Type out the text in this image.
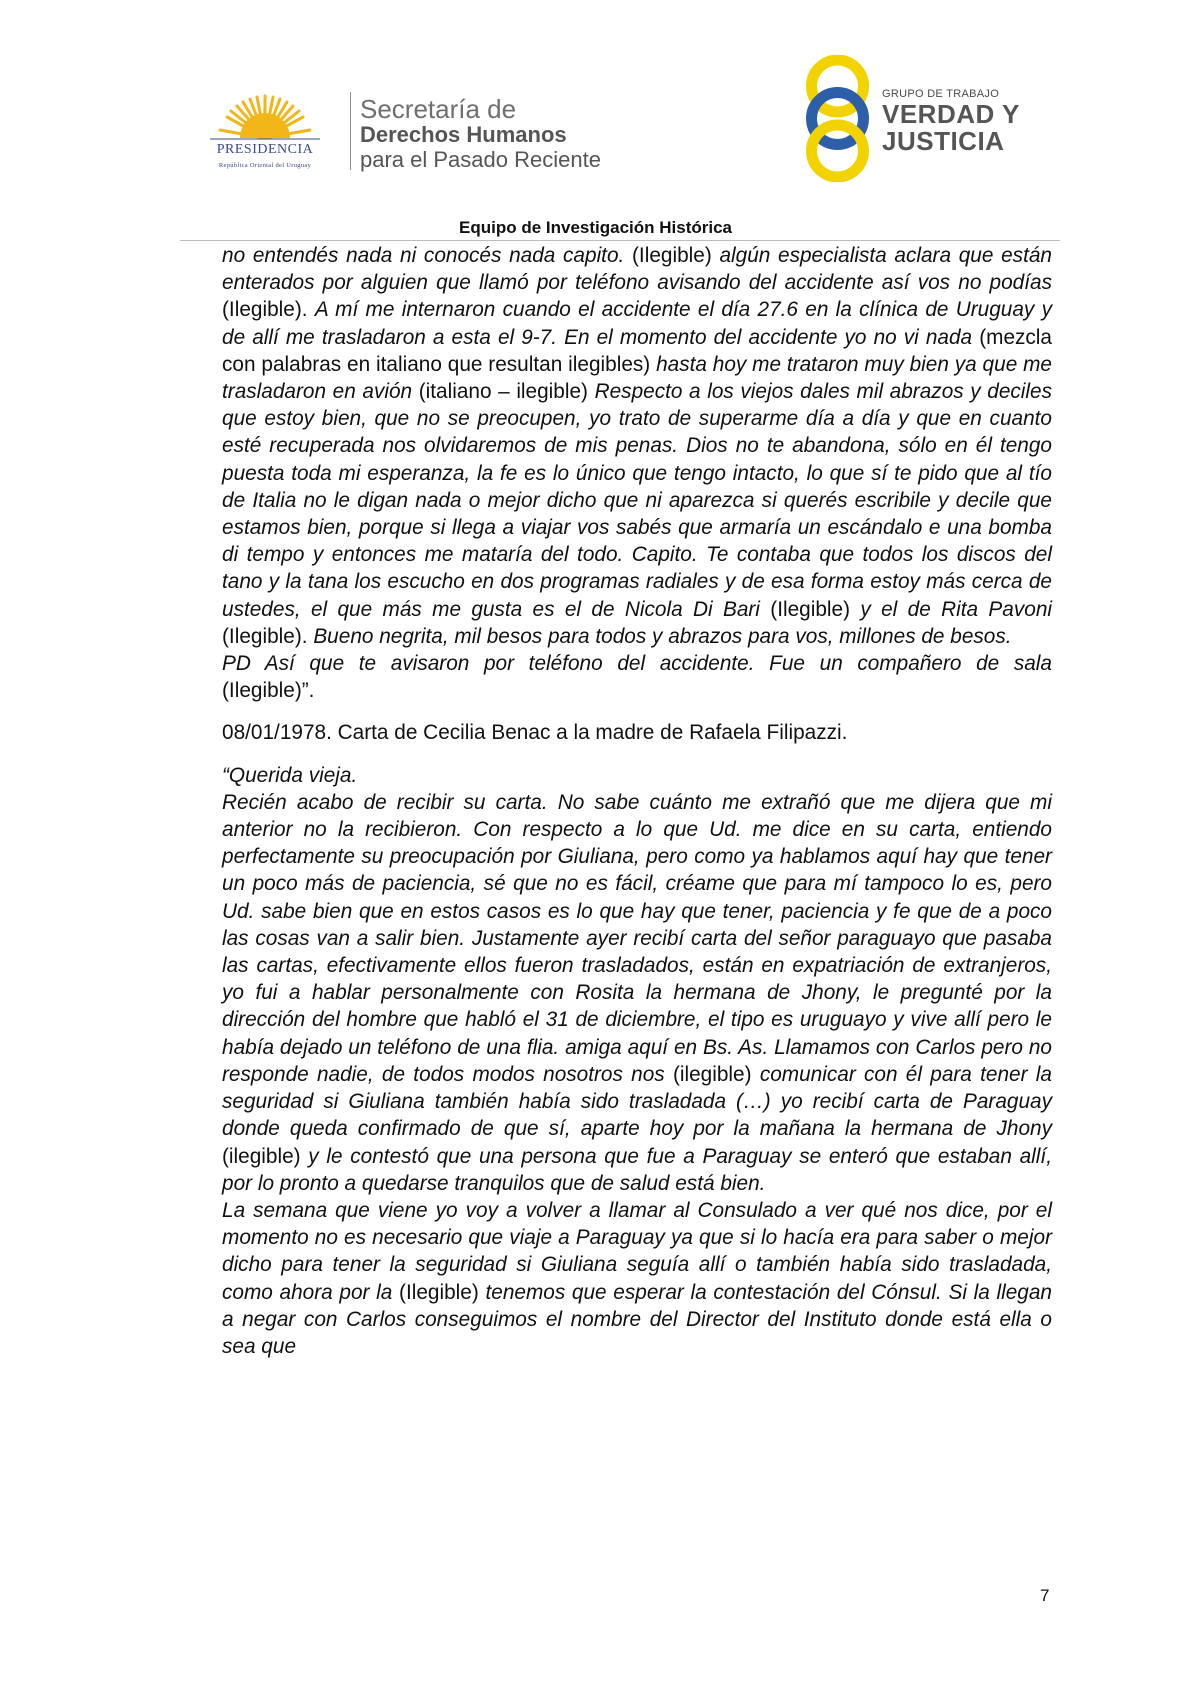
PRESIDENCIA
República Oriental del Uruguay
Secretaría de
Derechos Humanos
para el Pasado Reciente
GRUPO DE TRABAJO
VERDAD Y
JUSTICIA
Equipo de Investigación Histórica

no entendés nada ni conocés nada capito. (Ilegible) algún especialista aclara que están enterados por alguien que llamó por teléfono avisando del accidente así vos no podías (Ilegible). A mí me internaron cuando el accidente el día 27.6 en la clínica de Uruguay y de allí me trasladaron a esta el 9-7. En el momento del accidente yo no vi nada (mezcla con palabras en italiano que resultan ilegibles) hasta hoy me trataron muy bien ya que me trasladaron en avión (italiano – ilegible) Respecto a los viejos dales mil abrazos y deciles que estoy bien, que no se preocupen, yo trato de superarme día a día y que en cuanto esté recuperada nos olvidaremos de mis penas. Dios no te abandona, sólo en él tengo puesta toda mi esperanza, la fe es lo único que tengo intacto, lo que sí te pido que al tío de Italia no le digan nada o mejor dicho que ni aparezca si querés escribile y decile que estamos bien, porque si llega a viajar vos sabés que armaría un escándalo e una bomba di tempo y entonces me mataría del todo. Capito. Te contaba que todos los discos del tano y la tana los escucho en dos programas radiales y de esa forma estoy más cerca de ustedes, el que más me gusta es el de Nicola Di Bari (Ilegible) y el de Rita Pavoni (Ilegible). Bueno negrita, mil besos para todos y abrazos para vos, millones de besos.

PD Así que te avisaron por teléfono del accidente. Fue un compañero de sala

(Ilegible)”.

08/01/1978. Carta de Cecilia Benac a la madre de Rafaela Filipazzi.

“Querida vieja.

Recién acabo de recibir su carta. No sabe cuánto me extrañó que me dijera que mi anterior no la recibieron. Con respecto a lo que Ud. me dice en su carta, entiendo perfectamente su preocupación por Giuliana, pero como ya hablamos aquí hay que tener un poco más de paciencia, sé que no es fácil, créame que para mí tampoco lo es, pero Ud. sabe bien que en estos casos es lo que hay que tener, paciencia y fe que de a poco las cosas van a salir bien. Justamente ayer recibí carta del señor paraguayo que pasaba las cartas, efectivamente ellos fueron trasladados, están en expatriación de extranjeros, yo fui a hablar personalmente con Rosita la hermana de Jhony, le pregunté por la dirección del hombre que habló el 31 de diciembre, el tipo es uruguayo y vive allí pero le había dejado un teléfono de una flia. amiga aquí en Bs. As. Llamamos con Carlos pero no responde nadie, de todos modos nosotros nos (ilegible) comunicar con él para tener la seguridad si Giuliana también había sido trasladada (…) yo recibí carta de Paraguay donde queda confirmado de que sí, aparte hoy por la mañana la hermana de Jhony (ilegible) y le contestó que una persona que fue a Paraguay se enteró que estaban allí, por lo pronto a quedarse tranquilos que de salud está bien.

La semana que viene yo voy a volver a llamar al Consulado a ver qué nos dice, por el momento no es necesario que viaje a Paraguay ya que si lo hacía era para saber o mejor dicho para tener la seguridad si Giuliana seguía allí o también había sido trasladada, como ahora por la (Ilegible) tenemos que esperar la contestación del Cónsul. Si la llegan a negar con Carlos conseguimos el nombre del Director del Instituto donde está ella o sea que

7
